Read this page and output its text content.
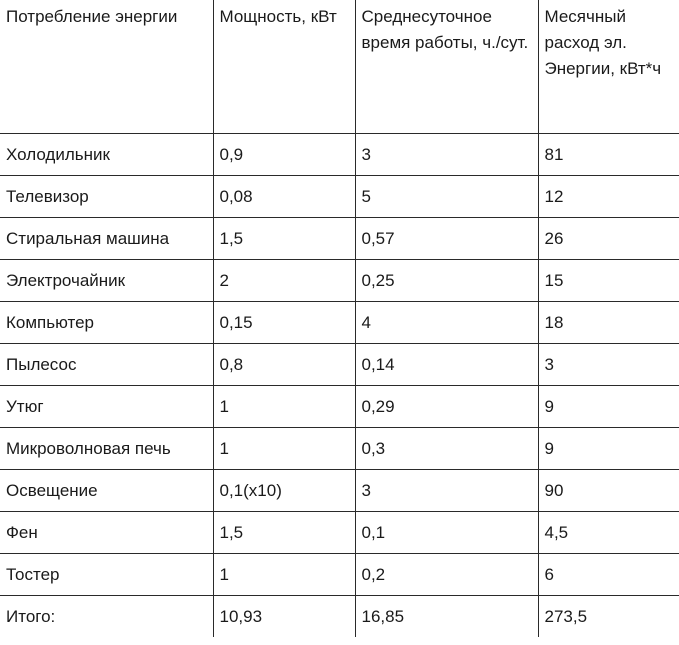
Потребление энергии	Мощность, кВт	Среднесуточное время работы, ч./сут.	Месячный расход эл. Энергии, кВт*ч
Холодильник	0,9	3	81
Телевизор	0,08	5	12
Стиральная машина	1,5	0,57	26
Электрочайник	2	0,25	15
Компьютер	0,15	4	18
Пылесос	0,8	0,14	3
Утюг	1	0,29	9
Микроволновая печь	1	0,3	9
Освещение	0,1(x10)	3	90
Фен	1,5	0,1	4,5
Тостер	1	0,2	6
Итого:	10,93	16,85	273,5
